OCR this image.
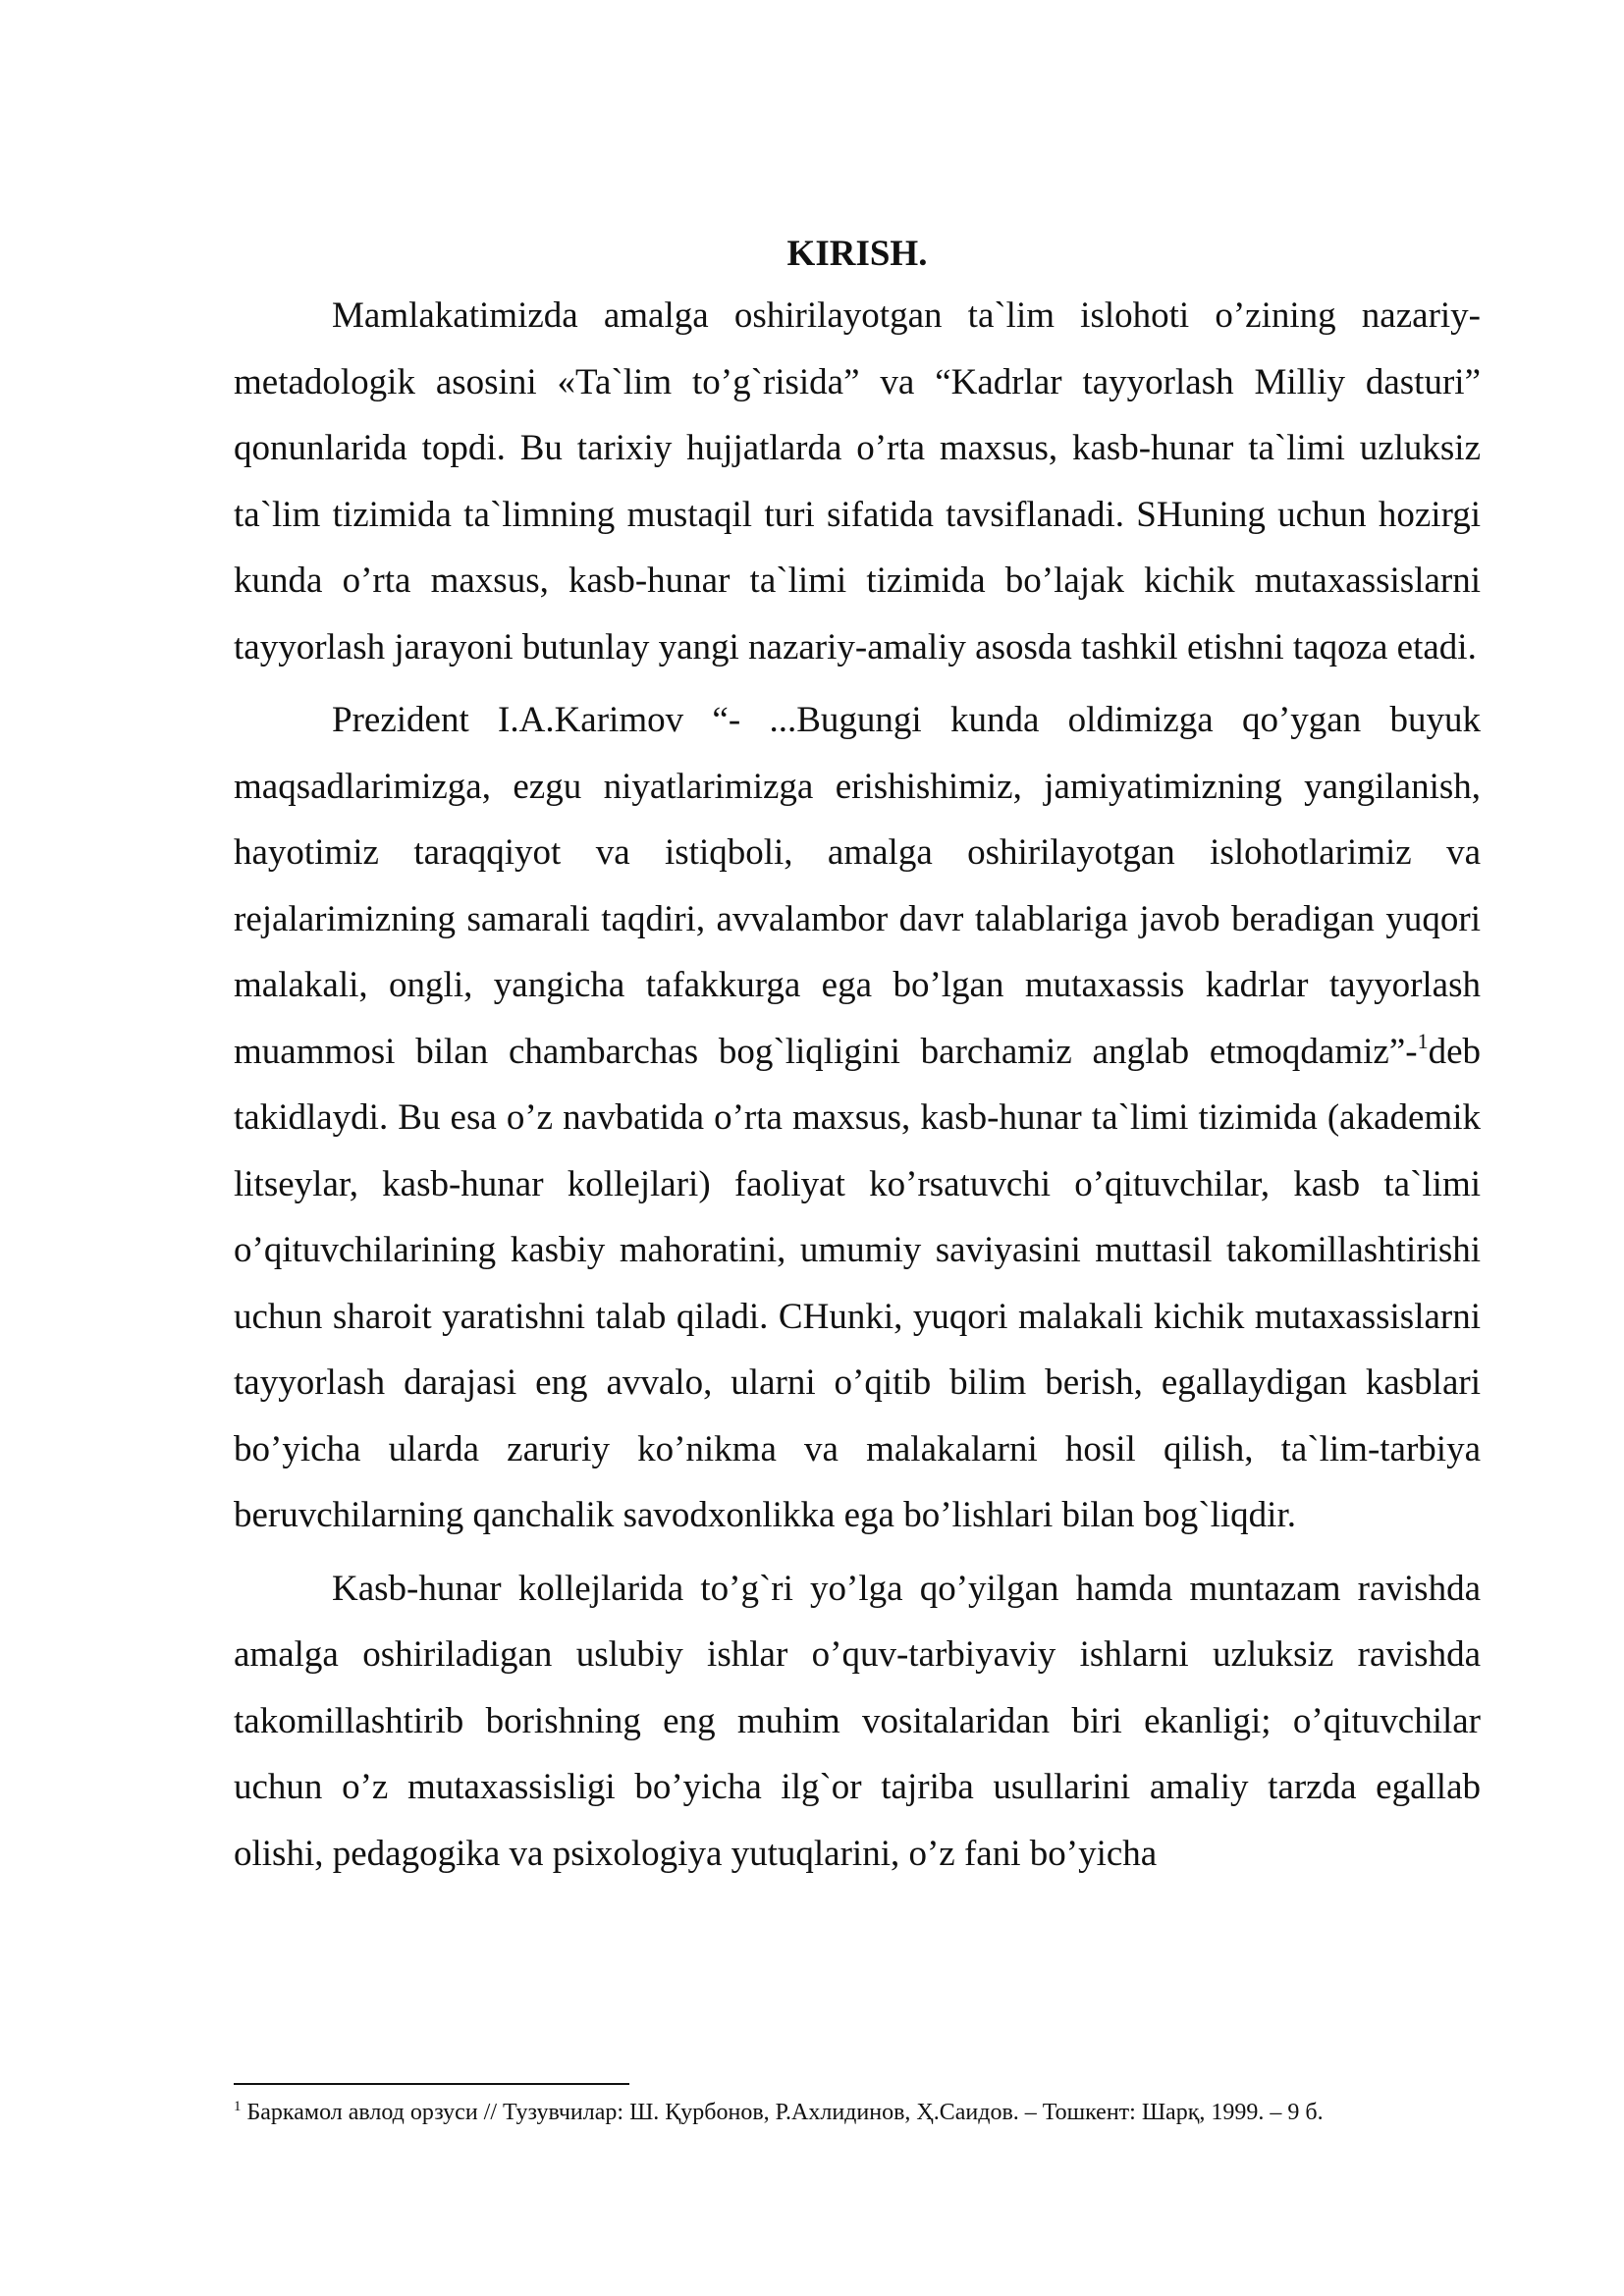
KIRISH.

Mamlakatimizda amalga oshirilayotgan ta`lim islohoti o’zining nazariy-metadologik asosini «Ta`lim to’g`risida” va “Kadrlar tayyorlash Milliy dasturi” qonunlarida topdi. Bu tarixiy hujjatlarda o’rta maxsus, kasb-hunar ta`limi uzluksiz ta`lim tizimida ta`limning mustaqil turi sifatida tavsiflanadi. SHuning uchun hozirgi kunda o’rta maxsus, kasb-hunar ta`limi tizimida bo’lajak kichik mutaxassislarni tayyorlash jarayoni butunlay yangi nazariy-amaliy asosda tashkil etishni taqoza etadi.

Prezident I.A.Karimov “- ...Bugungi kunda oldimizga qo’ygan buyuk maqsadlarimizga, ezgu niyatlarimizga erishishimiz, jamiyatimizning yangilanish, hayotimiz taraqqiyot va istiqboli, amalga oshirilayotgan islohotlarimiz va rejalarimizning samarali taqdiri, avvalambor davr talablariga javob beradigan yuqori malakali, ongli, yangicha tafakkurga ega bo’lgan mutaxassis kadrlar tayyorlash muammosi bilan chambarchas bog`liqligini barchamiz anglab etmoqdamiz”-$^1$deb takidlaydi. Bu esa o’z navbatida o’rta maxsus, kasb-hunar ta`limi tizimida (akademik litseylar, kasb-hunar kollejlari) faoliyat ko’rsatuvchi o’qituvchilar, kasb ta`limi o’qituvchilarining kasbiy mahoratini, umumiy saviyasini muttasil takomillashtirishi uchun sharoit yaratishni talab qiladi. CHunki, yuqori malakali kichik mutaxassislarni tayyorlash darajasi eng avvalo, ularni o’qitib bilim berish, egallaydigan kasblari bo’yicha ularda zaruriy ko’nikma va malakalarni hosil qilish, ta`lim-tarbiya beruvchilarning qanchalik savodxonlikka ega bo’lishlari bilan bog`liqdir.

Kasb-hunar kollejlarida to’g`ri yo’lga qo’yilgan hamda muntazam ravishda amalga oshiriladigan uslubiy ishlar o’quv-tarbiyaviy ishlarni uzluksiz ravishda takomillashtirib borishning eng muhim vositalaridan biri ekanligi; o’qituvchilar uchun o’z mutaxassisligi bo’yicha ilg`or tajriba usullarini amaliy tarzda egallab olishi, pedagogika va psixologiya yutuqlarini, o’z fani bo’yicha

$^1$ Баркамол авлод орзуси // Тузувчилар: Ш. Қурбонов, Р.Ахлидинов, Ҳ.Саидов. – Тошкент: Шарқ, 1999. – 9 б.
